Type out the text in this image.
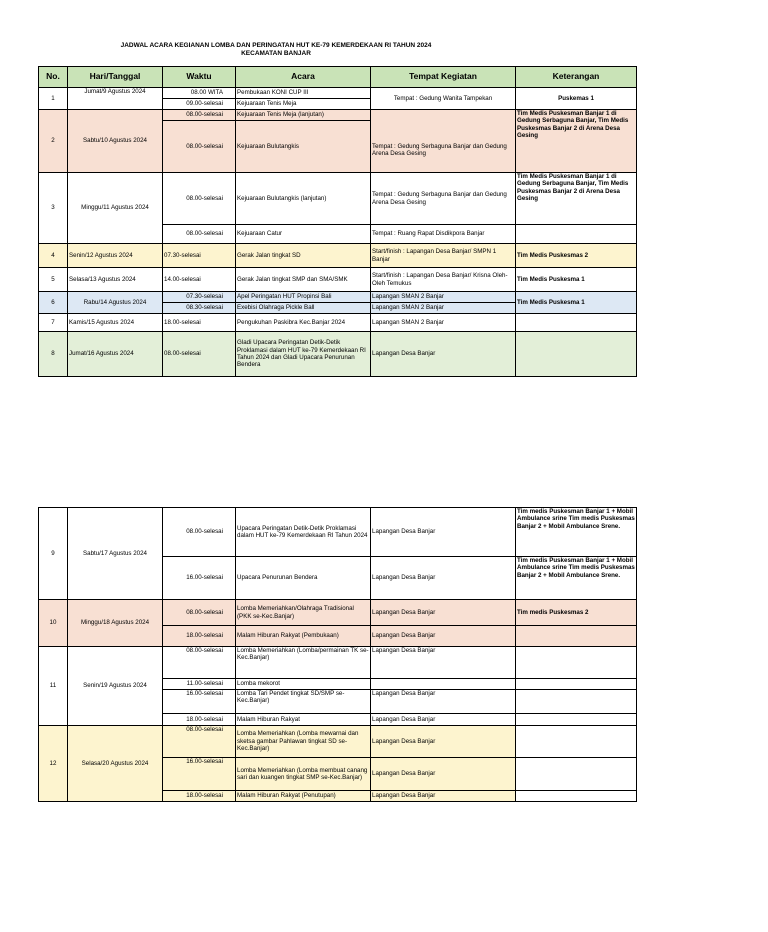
JADWAL ACARA KEGIANAN LOMBA DAN PERINGATAN HUT KE-79 KEMERDEKAAN RI TAHUN 2024
KECAMATAN BANJAR
No.	Hari/Tanggal	Waktu	Acara	Tempat Kegiatan	Keterangan
1	Jumat/9 Agustus 2024	08.00 WITA	Pembukaan KONI CUP III	Tempat : Gedung Wanita Tampekan	Puskemas 1
		09.00-selesai	Kejuaraan Tenis Meja		
2	Sabtu/10 Agustus 2024	08.00-selesai	Kejuaraan Tenis Meja (lanjutan)	Tempat : Gedung Serbaguna Banjar dan Gedung Arena Desa Gesing	Tim Medis Puskesman Banjar 1 di Gedung Serbaguna Banjar, Tim Medis Puskesmas Banjar 2 di Arena Desa Gesing
		08.00-selesai	Kejuaraan Bulutangkis		
3	Minggu/11 Agustus 2024	08.00-selesai	Kejuaraan Bulutangkis (lanjutan)	Tempat : Gedung Serbaguna Banjar dan Gedung Arena Desa Gesing	Tim Medis Puskesman Banjar 1 di Gedung Serbaguna Banjar, Tim Medis Puskesmas Banjar 2 di Arena Desa Gesing
		08.00-selesai	Kejuaraan Catur	Tempat : Ruang Rapat Disdikpora Banjar	
4	Senin/12 Agustus 2024	07.30-selesai	Gerak Jalan tingkat SD	Start/finish : Lapangan Desa Banjar/ SMPN 1 Banjar	Tim Medis Puskesmas 2
5	Selasa/13 Agustus 2024	14.00-selesai	Gerak Jalan tingkat SMP dan SMA/SMK	Start/finish : Lapangan Desa Banjar/ Krisna Oleh-Oleh Temukus	Tim Medis Puskesma 1
6	Rabu/14 Agustus 2024	07.30-selesai	Apel Peringatan HUT Propinsi Bali	Lapangan SMAN 2 Banjar	Tim Medis Puskesma 1
		08.30-selesai	Exebisi Olahraga Pickle Ball	Lapangan SMAN 2 Banjar	
7	Kamis/15 Agustus 2024	18.00-selesai	Pengukuhan Paskibra Kec.Banjar 2024	Lapangan SMAN 2 Banjar	
8	Jumat/16 Agustus 2024	08.00-selesai	Gladi Upacara Peringatan Detik-Detik Proklamasi dalam HUT ke-79 Kemerdekaan RI Tahun 2024 dan Gladi Upacara Penurunan Bendera	Lapangan Desa Banjar	
9	Sabtu/17 Agustus 2024	08.00-selesai	Upacara Peringatan Detik-Detik Proklamasi dalam HUT ke-79 Kemerdekaan RI Tahun 2024	Lapangan Desa Banjar	Tim medis Puskesman Banjar 1 + Mobil Ambulance srine Tim medis Puskesmas Banjar 2 + Mobil Ambulance Srene.
		16.00-selesai	Upacara Penurunan Bendera	Lapangan Desa Banjar	Tim medis Puskesman Banjar 1 + Mobil Ambulance srine Tim medis Puskesmas Banjar 2 + Mobil Ambulance Srene.
10	Minggu/18 Agustus 2024	08.00-selesai	Lomba Memeriahkan/Olahraga Tradisional (PKK se-Kec.Banjar)	Lapangan Desa Banjar	Tim medis Puskesmas 2
		18.00-selesai	Malam Hiburan Rakyat (Pembukaan)	Lapangan Desa Banjar	
11	Senin/19 Agustus 2024	08.00-selesai	Lomba Memeriahkan (Lomba/permainan TK se-Kec.Banjar)	Lapangan Desa Banjar	
		11.00-selesai	Lomba mekorot		
		16.00-selesai	Lomba Tari Pendet tingkat SD/SMP se-Kec.Banjar)	Lapangan Desa Banjar	
		18.00-selesai	Malam Hiburan Rakyat	Lapangan Desa Banjar	
12	Selasa/20 Agustus 2024	08.00-selesai	Lomba Memeriahkan (Lomba mewarnai dan sketsa gambar Pahlawan tingkat SD se-Kec.Banjar)	Lapangan Desa Banjar	
		16.00-selesai	Lomba Memeriahkan (Lomba membuat canang sari dan kuangen tingkat SMP se-Kec.Banjar)	Lapangan Desa Banjar	
		18.00-selesai	Malam Hiburan Rakyat (Penutupan)	Lapangan Desa Banjar	
